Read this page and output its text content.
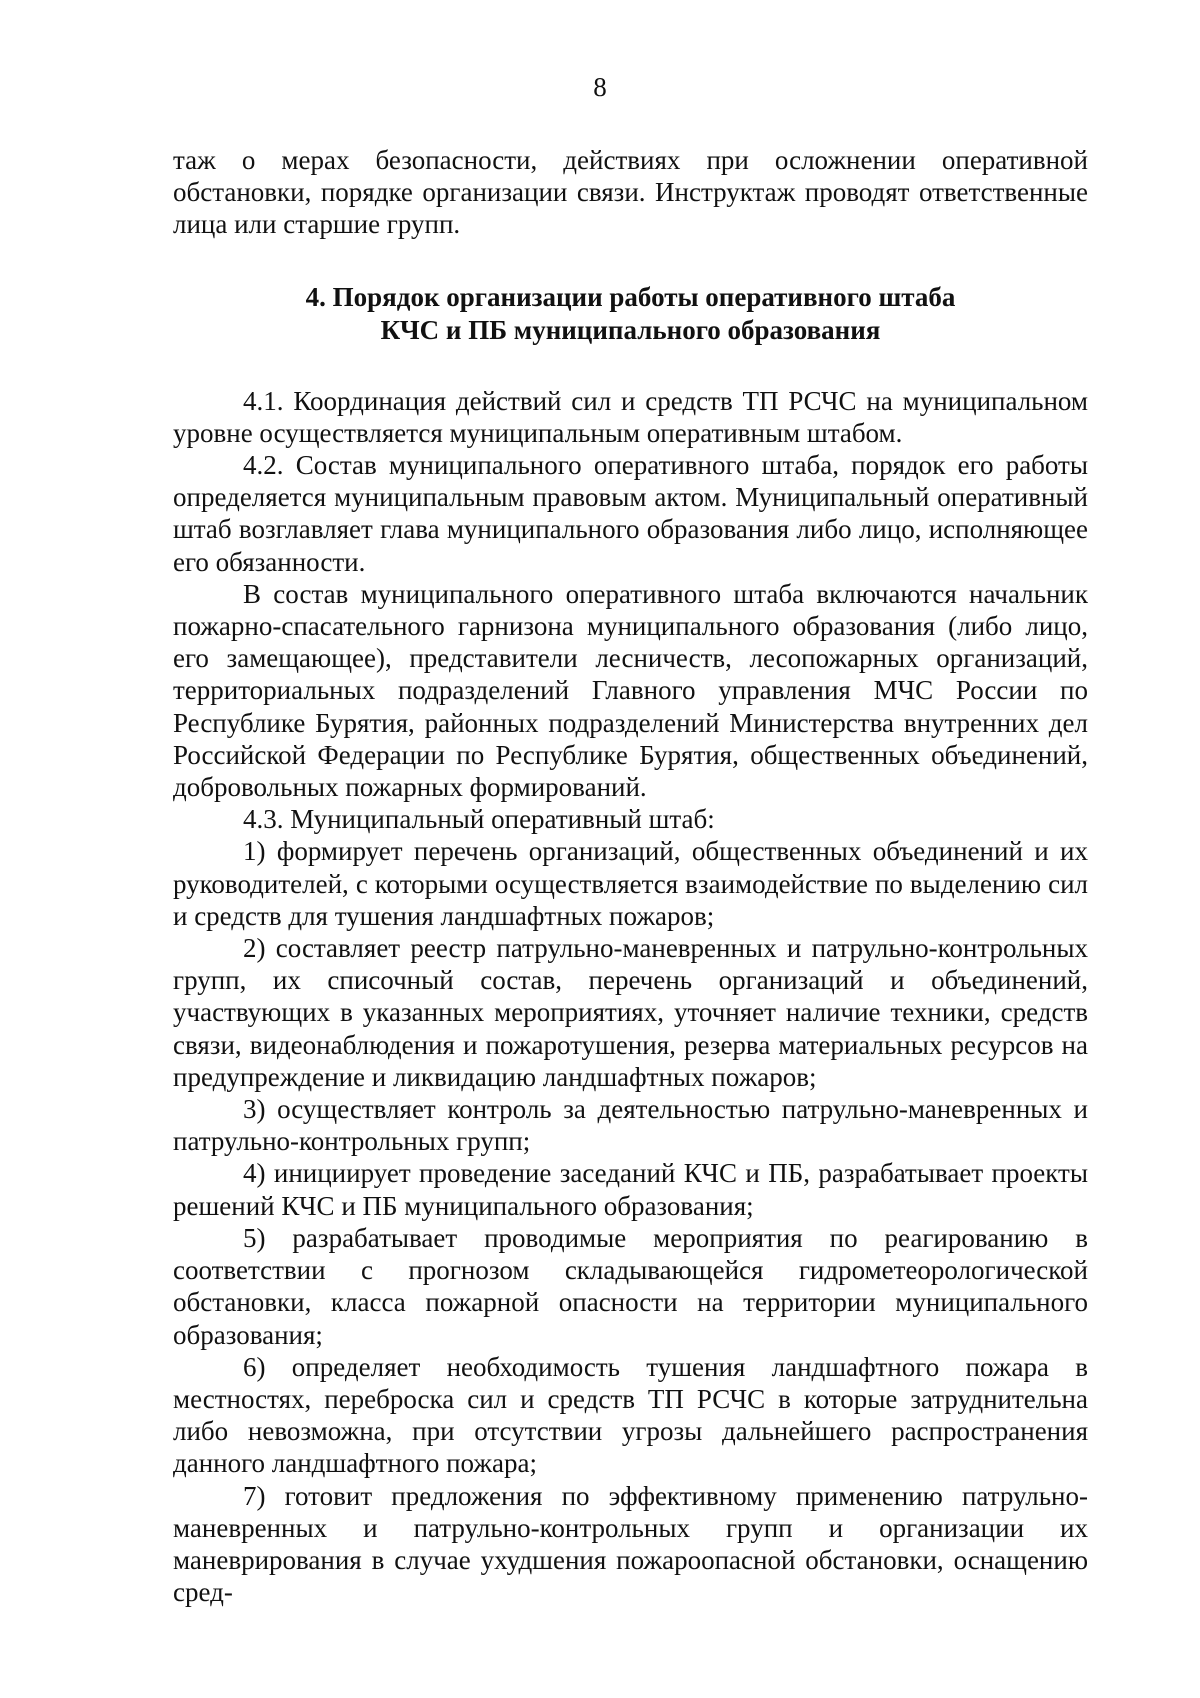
8

таж о мерах безопасности, действиях при осложнении оперативной обстановки, порядке организации связи. Инструктаж проводят ответственные лица или старшие групп.

4. Порядок организации работы оперативного штаба
КЧС и ПБ муниципального образования

4.1. Координация действий сил и средств ТП РСЧС на муниципальном уровне осуществляется муниципальным оперативным штабом.

4.2. Состав муниципального оперативного штаба, порядок его работы определяется муниципальным правовым актом. Муниципальный оперативный штаб возглавляет глава муниципального образования либо лицо, исполняющее его обязанности.

В состав муниципального оперативного штаба включаются начальник пожарно-спасательного гарнизона муниципального образования (либо лицо, его замещающее), представители лесничеств, лесопожарных организаций, территориальных подразделений Главного управления МЧС России по Республике Бурятия, районных подразделений Министерства внутренних дел Российской Федерации по Республике Бурятия, общественных объединений, добровольных пожарных формирований.

4.3. Муниципальный оперативный штаб:

1) формирует перечень организаций, общественных объединений и их руководителей, с которыми осуществляется взаимодействие по выделению сил и средств для тушения ландшафтных пожаров;

2) составляет реестр патрульно-маневренных и патрульно-контрольных групп, их списочный состав, перечень организаций и объединений, участвующих в указанных мероприятиях, уточняет наличие техники, средств связи, видеонаблюдения и пожаротушения, резерва материальных ресурсов на предупреждение и ликвидацию ландшафтных пожаров;

3) осуществляет контроль за деятельностью патрульно-маневренных и патрульно-контрольных групп;

4) инициирует проведение заседаний КЧС и ПБ, разрабатывает проекты решений КЧС и ПБ муниципального образования;

5) разрабатывает проводимые мероприятия по реагированию в соответствии с прогнозом складывающейся гидрометеорологической обстановки, класса пожарной опасности на территории муниципального образования;

6) определяет необходимость тушения ландшафтного пожара в местностях, переброска сил и средств ТП РСЧС в которые затруднительна либо невозможна, при отсутствии угрозы дальнейшего распространения данного ландшафтного пожара;

7) готовит предложения по эффективному применению патрульно-маневренных и патрульно-контрольных групп и организации их маневрирования в случае ухудшения пожароопасной обстановки, оснащению сред-
